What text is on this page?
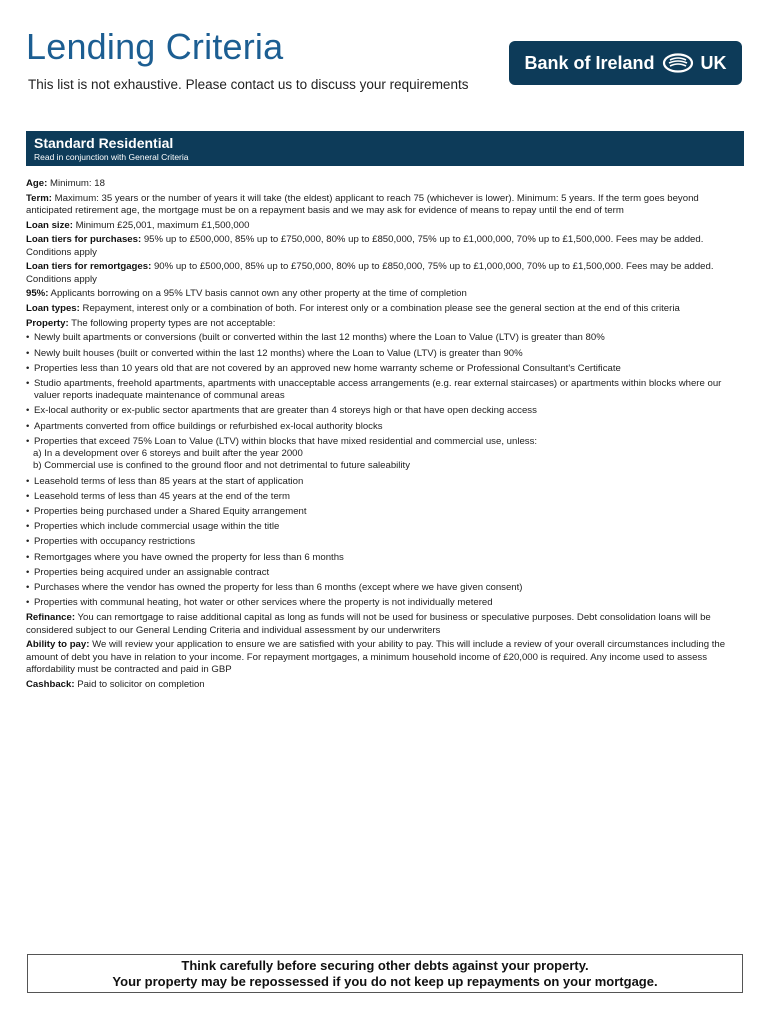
Lending Criteria
This list is not exhaustive. Please contact us to discuss your requirements
Bank of Ireland	UK
Standard Residential
Read in conjunction with General Criteria

Age: Minimum: 18

Term: Maximum: 35 years or the number of years it will take (the eldest) applicant to reach 75 (whichever is lower). Minimum: 5 years. If the term goes beyond anticipated retirement age, the mortgage must be on a repayment basis and we may ask for evidence of means to repay until the end of term

Loan size: Minimum £25,001, maximum £1,500,000

Loan tiers for purchases: 95% up to £500,000, 85% up to £750,000, 80% up to £850,000, 75% up to £1,000,000, 70% up to £1,500,000. Fees may be added. Conditions apply

Loan tiers for remortgages: 90% up to £500,000, 85% up to £750,000, 80% up to £850,000, 75% up to £1,000,000, 70% up to £1,500,000. Fees may be added. Conditions apply

95%: Applicants borrowing on a 95% LTV basis cannot own any other property at the time of completion

Loan types: Repayment, interest only or a combination of both. For interest only or a combination please see the general section at the end of this criteria

Property: The following property types are not acceptable:

• Newly built apartments or conversions (built or converted within the last 12 months) where the Loan to Value (LTV) is greater than 80%

• Newly built houses (built or converted within the last 12 months) where the Loan to Value (LTV) is greater than 90%

• Properties less than 10 years old that are not covered by an approved new home warranty scheme or Professional Consultant's Certificate

• Studio apartments, freehold apartments, apartments with unacceptable access arrangements (e.g. rear external staircases) or apartments within blocks where our valuer reports inadequate maintenance of communal areas

• Ex-local authority or ex-public sector apartments that are greater than 4 storeys high or that have open decking access

• Apartments converted from office buildings or refurbished ex-local authority blocks

• Properties that exceed 75% Loan to Value (LTV) within blocks that have mixed residential and commercial use, unless:

a) In a development over 6 storeys and built after the year 2000

b) Commercial use is confined to the ground floor and not detrimental to future saleability

• Leasehold terms of less than 85 years at the start of application

• Leasehold terms of less than 45 years at the end of the term

• Properties being purchased under a Shared Equity arrangement

• Properties which include commercial usage within the title

• Properties with occupancy restrictions

• Remortgages where you have owned the property for less than 6 months

• Properties being acquired under an assignable contract

• Purchases where the vendor has owned the property for less than 6 months (except where we have given consent)

• Properties with communal heating, hot water or other services where the property is not individually metered

Refinance: You can remortgage to raise additional capital as long as funds will not be used for business or speculative purposes. Debt consolidation loans will be considered subject to our General Lending Criteria and individual assessment by our underwriters

Ability to pay: We will review your application to ensure we are satisfied with your ability to pay. This will include a review of your overall circumstances including the amount of debt you have in relation to your income. For repayment mortgages, a minimum household income of £20,000 is required. Any income used to assess affordability must be contracted and paid in GBP

Cashback: Paid to solicitor on completion

Think carefully before securing other debts against your property.
Your property may be repossessed if you do not keep up repayments on your mortgage.
